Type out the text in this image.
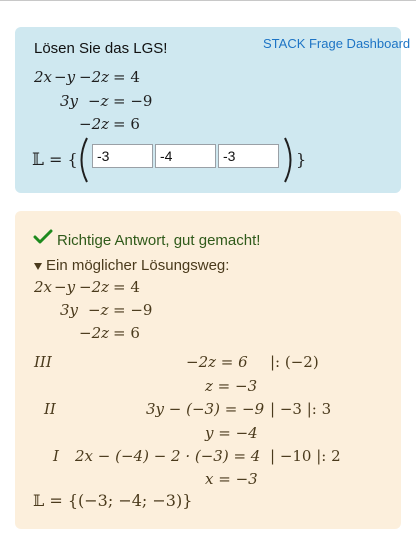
Lösen Sie das LGS!	STACK Frage Dashboard
2x −y −2z = 4
3y −z = −9
−2z = 6
𝕃 = {
-3
-4
-3	}
Richtige Antwort, gut gemacht!
Ein möglicher Lösungsweg:
2x −y −2z = 4
3y −z = −9
−2z = 6
III	−2z = 6 |: (−2)
z = −3
II	3y − (−3) = −9 | −3 |: 3
y = −4
I 2x − (−4) − 2 · (−3) = 4 | −10 |: 2
x = −3
𝕃 = {(−3; −4; −3)}
